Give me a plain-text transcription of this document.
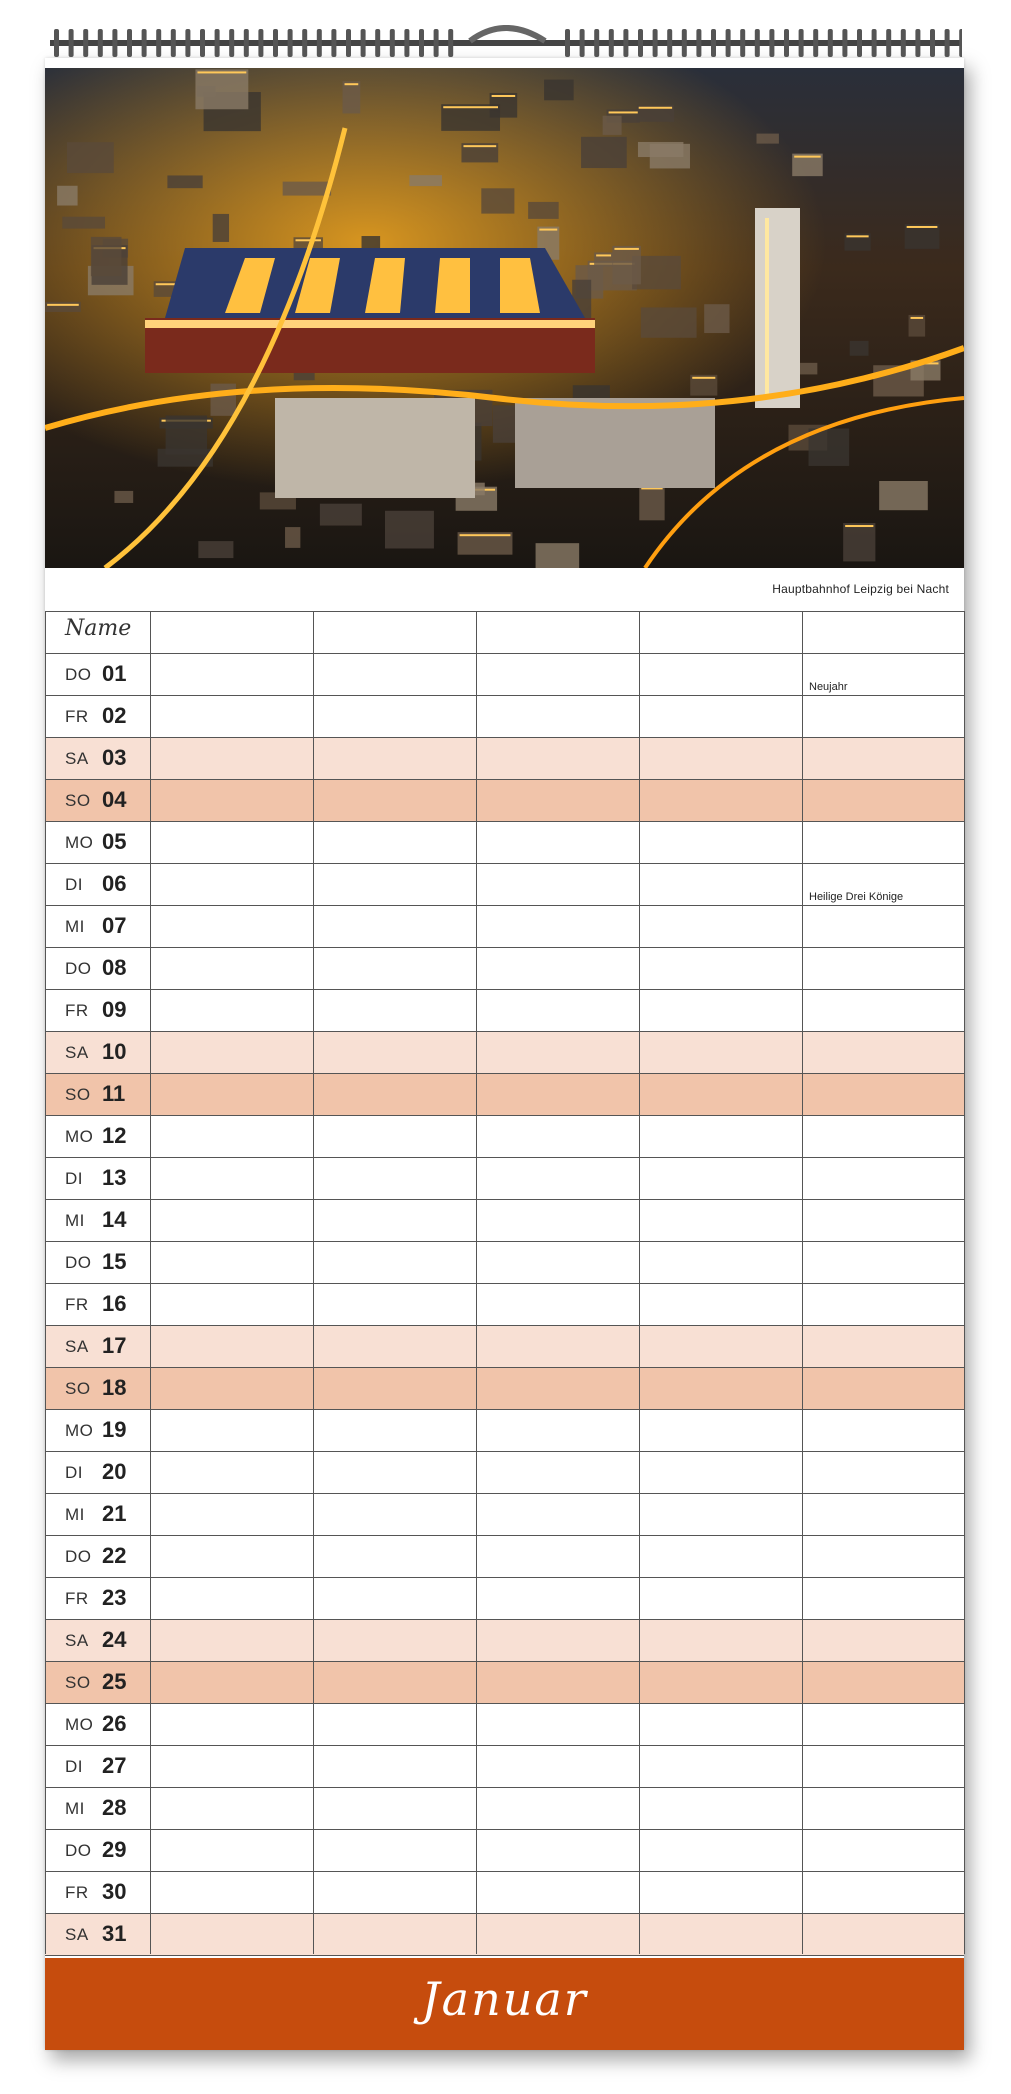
Hauptbahnhof Leipzig bei Nacht
Name
DO 01
Neujahr
FR 02
SA 03
SO 04
MO 05
DI 06
Heilige Drei Könige
MI 07
DO 08
FR 09
SA 10
SO 11
MO 12
DI 13
MI 14
DO 15
FR 16
SA 17
SO 18
MO 19
DI 20
MI 21
DO 22
FR 23
SA 24
SO 25
MO 26
DI 27
MI 28
DO 29
FR 30
SA 31
Januar
